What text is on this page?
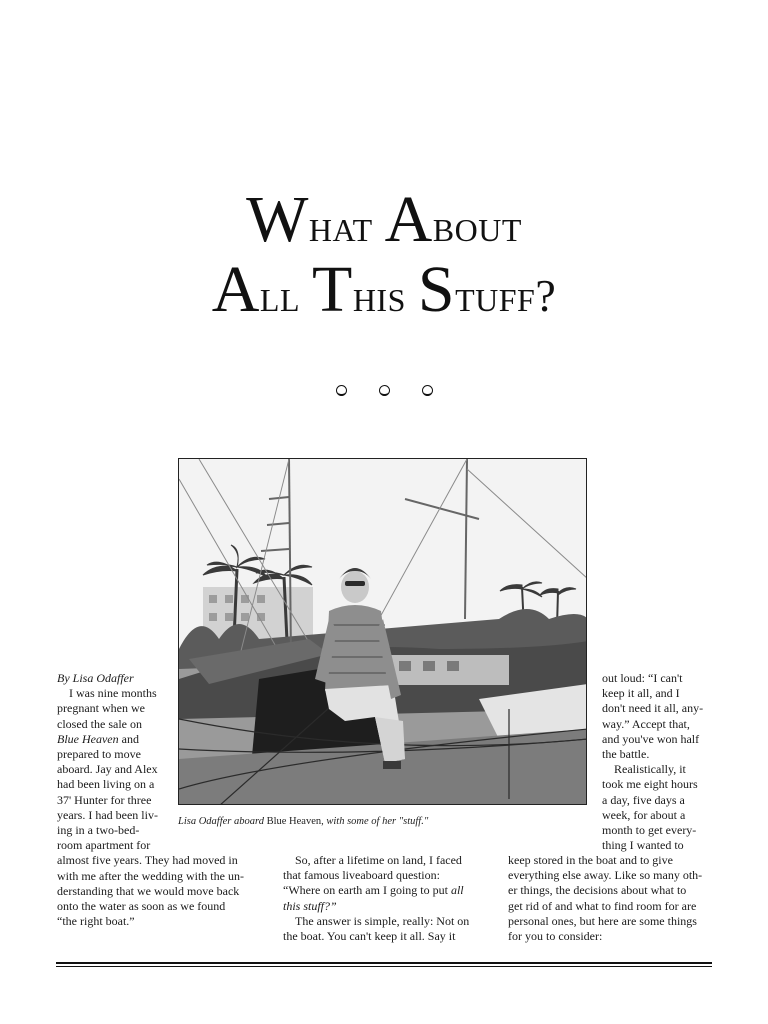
What About
All This Stuff?
Lisa Odaffer aboard Blue Heaven, with some of her "stuff."

By Lisa Odaffer

I was nine months

pregnant when we

closed the sale on

Blue Heaven and

prepared to move

aboard. Jay and Alex

had been living on a

37' Hunter for three

years. I had been liv-

ing in a two-bed-

room apartment for

almost five years. They had moved in

with me after the wedding with the un-

derstanding that we would move back

onto the water as soon as we found

“the right boat.”

So, after a lifetime on land, I faced

that famous liveaboard question:

“Where on earth am I going to put all

this stuff?”

The answer is simple, really: Not on

the boat. You can't keep it all. Say it

out loud: “I can't

keep it all, and I

don't need it all, any-

way.” Accept that,

and you've won half

the battle.

Realistically, it

took me eight hours

a day, five days a

week, for about a

month to get every-

thing I wanted to

keep stored in the boat and to give

everything else away. Like so many oth-

er things, the decisions about what to

get rid of and what to find room for are

personal ones, but here are some things

for you to consider:
